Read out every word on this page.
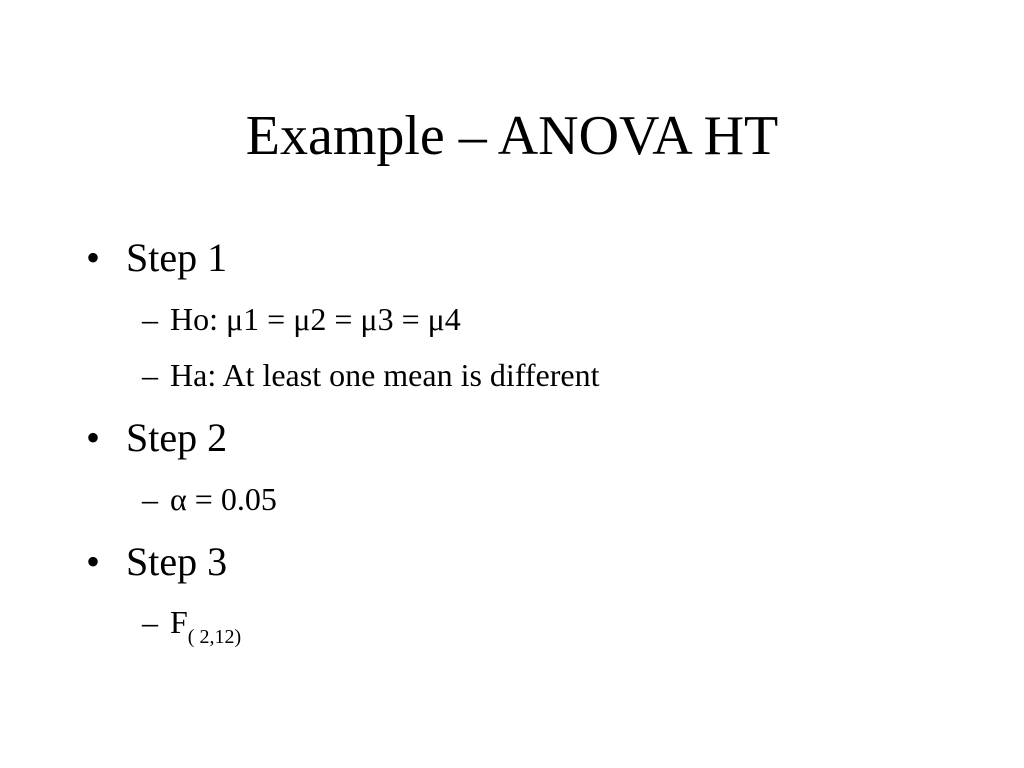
Example – ANOVA HT
• Step 1
– Ho: μ1 = μ2 = μ3 = μ4
– Ha: At least one mean is different
• Step 2
– α = 0.05
• Step 3
– $F_{( 2,12)}$
